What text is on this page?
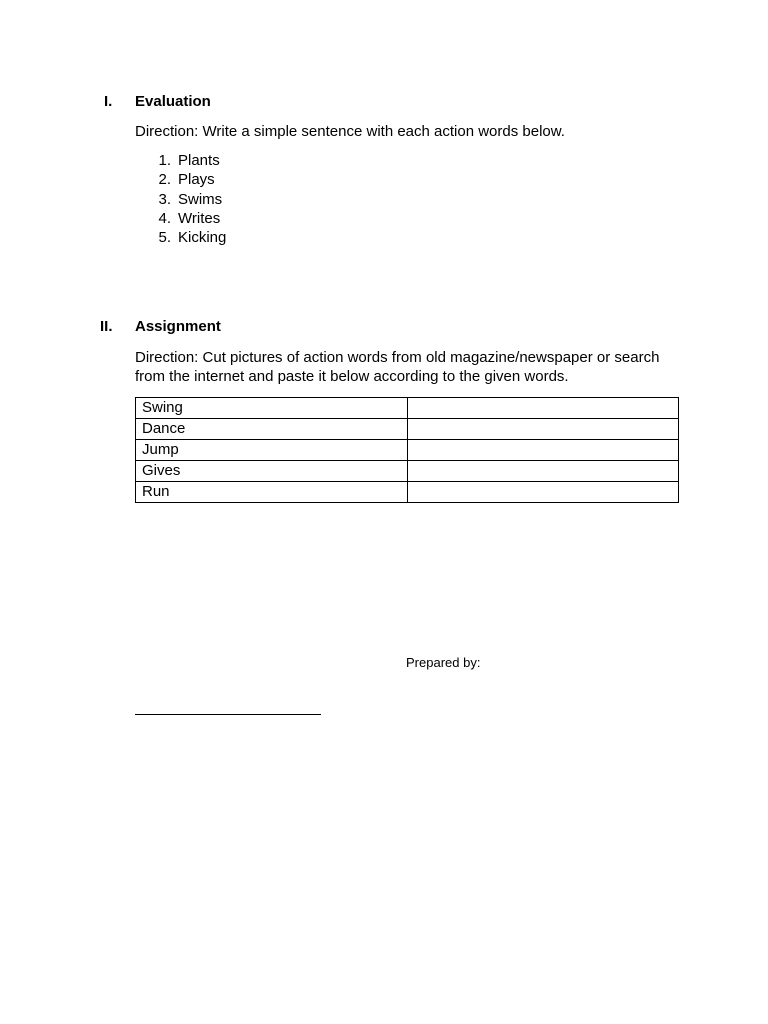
I. Evaluation
Direction: Write a simple sentence with each action words below.
1. Plants
2. Plays
3. Swims
4. Writes
5. Kicking
II. Assignment
Direction: Cut pictures of action words from old magazine/newspaper or search from the internet and paste it below according to the given words.
Swing	
Dance	
Jump	
Gives	
Run	
Prepared by:
